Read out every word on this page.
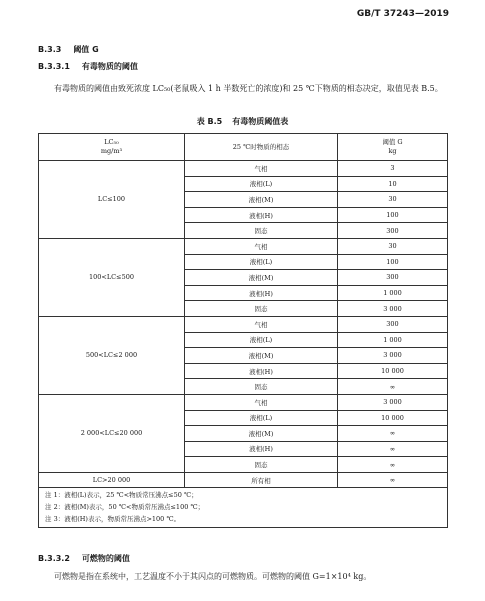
GB/T 37243—2019
B.3.3 阈值 G
B.3.3.1 有毒物质的阈值

有毒物质的阈值由致死浓度 LC₅₀(老鼠吸入 1 h 半数死亡的浓度)和 25 ℃下物质的相态决定，取值见表 B.5。

表 B.5 有毒物质阈值表
LC₅₀
mg/m³	25 ℃时物质的相态	阈值 G
kg
LC≤100	气相	3
	液相(L)	10
	液相(M)	30
	液相(H)	100
	固态	300
100<LC≤500	气相	30
	液相(L)	100
	液相(M)	300
	液相(H)	1 000
	固态	3 000
500<LC≤2 000	气相	300
	液相(L)	1 000
	液相(M)	3 000
	液相(H)	10 000
	固态	∞
2 000<LC≤20 000	气相	3 000
	液相(L)	10 000
	液相(M)	∞
	液相(H)	∞
	固态	∞
LC>20 000	所有相	∞

注 1：液相(L)表示，25 ℃<物质常压沸点≤50 ℃；
注 2：液相(M)表示，50 ℃<物质常压沸点≤100 ℃；
注 3：液相(H)表示，物质常压沸点>100 ℃。		
B.3.3.2 可燃物的阈值

可燃物是指在系统中，工艺温度不小于其闪点的可燃物质。可燃物的阈值 G=1×10⁴ kg。
